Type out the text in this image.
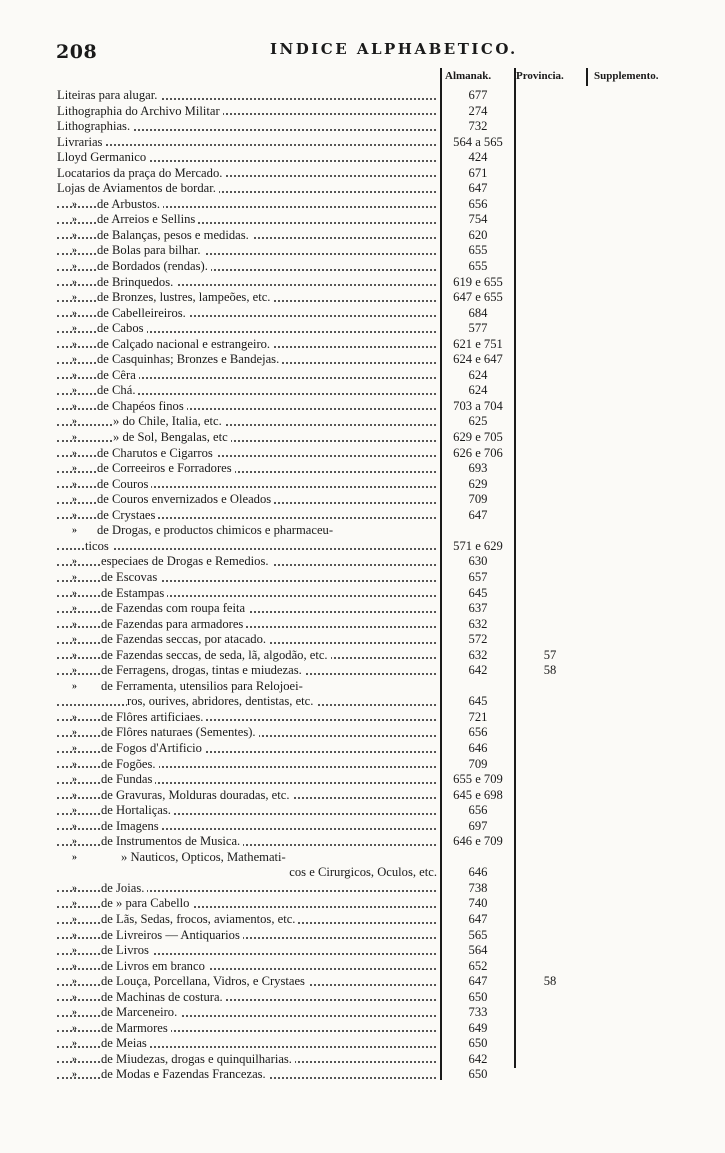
208	INDICE ALPHABETICO.
Almanak. Provincia.	Supplemento.
Liteiras para alugar.	677
Lithographia do Archivo Militar	274
Lithographias.	732
Livrarias	564 a 565
Lloyd Germanico	424
Locatarios da praça do Mercado.	671
Lojas de Aviamentos de bordar.	647
»	de Arbustos.	656
»	de Arreios e Sellins	754
»	de Balanças, pesos e medidas.	620
»	de Bolas para bilhar.	655
»	de Bordados (rendas).	655
»	de Brinquedos.	619 e 655
»	de Bronzes, lustres, lampeões, etc.	647 e 655
»	de Cabelleireiros.	684
»	de Cabos	577
»	de Calçado nacional e estrangeiro.	621 e 751
»	de Casquinhas; Bronzes e Bandejas.	624 e 647
»	de Cêra	624
»	de Chá.	624
»	de Chapéos finos	703 a 704
»	» do Chile, Italia, etc.	625
»	» de Sol, Bengalas, etc	629 e 705
»	de Charutos e Cigarros	626 e 706
»	de Correeiros e Forradores	693
»	de Couros	629
»	de Couros envernizados e Oleados	709
»	de Crystaes	647
»	de Drogas, e productos chimicos e pharmaceu-
ticos	571 e 629
»	especiaes de Drogas e Remedios.	630
»	de Escovas	657
»	de Estampas	645
»	de Fazendas com roupa feita	637
»	de Fazendas para armadores	632
»	de Fazendas seccas, por atacado.	572
»	de Fazendas seccas, de seda, lã, algodão, etc.	632	57
»	de Ferragens, drogas, tintas e miudezas.	642	58
»	de Ferramenta, utensilios para Relojoei-
ros, ourives, abridores, dentistas, etc.	645
»	de Flôres artificiaes.	721
»	de Flôres naturaes (Sementes).	656
»	de Fogos d'Artificio	646
»	de Fogões.	709
»	de Fundas	655 e 709
»	de Gravuras, Molduras douradas, etc.	645 e 698
»	de Hortaliças.	656
»	de Imagens	697
»	de Instrumentos de Musica.	646 e 709
»	» Nauticos, Opticos, Mathemati-
cos e Cirurgicos, Oculos, etc.	646
»	de Joias.	738
»	de » para Cabello	740
»	de Lãs, Sedas, frocos, aviamentos, etc.	647
»	de Livreiros — Antiquarios	565
»	de Livros	564
»	de Livros em branco	652
»	de Louça, Porcellana, Vidros, e Crystaes	647	58
»	de Machinas de costura.	650
»	de Marceneiro.	733
»	de Marmores	649
»	de Meias	650
»	de Miudezas, drogas e quinquilharias.	642
»	de Modas e Fazendas Francezas.	650
